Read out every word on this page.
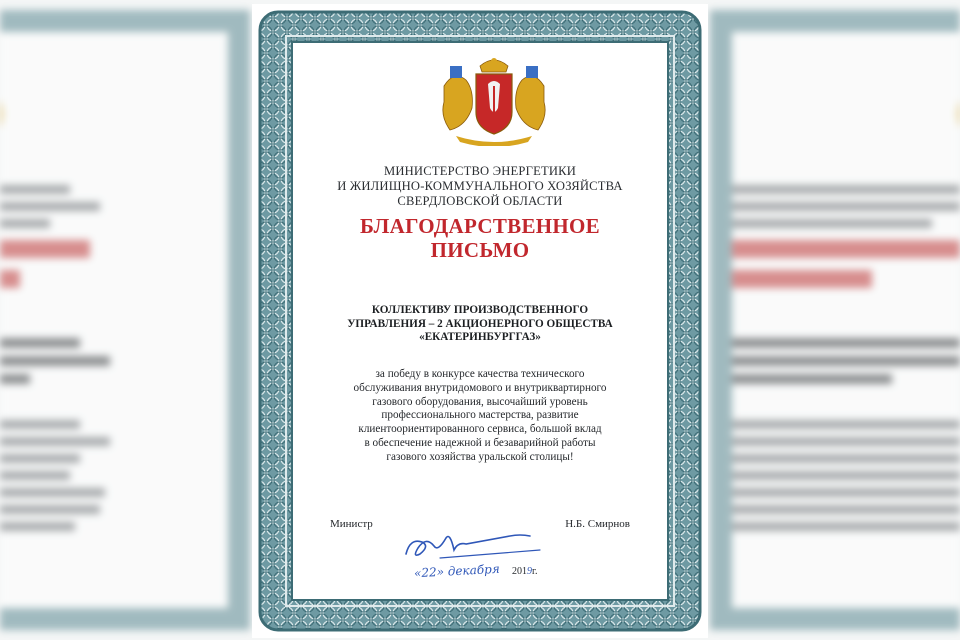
МИНИСТЕРСТВО ЭНЕРГЕТИКИ
И ЖИЛИЩНО-КОММУНАЛЬНОГО ХОЗЯЙСТВА
СВЕРДЛОВСКОЙ ОБЛАСТИ
БЛАГОДАРСТВЕННОЕ
ПИСЬМО
КОЛЛЕКТИВУ ПРОИЗВОДСТВЕННОГО
УПРАВЛЕНИЯ – 2 АКЦИОНЕРНОГО ОБЩЕСТВА
«ЕКАТЕРИНБУРГГАЗ»
за победу в конкурсе качества технического
обслуживания внутридомового и внутриквартирного
газового оборудования, высочайший уровень
профессионального мастерства, развитие
клиентоориентированного сервиса, большой вклад
в обеспечение надежной и безаварийной работы
газового хозяйства уральской столицы!
Министр	Н.Б. Смирнов
«22» декабря 2019г.
